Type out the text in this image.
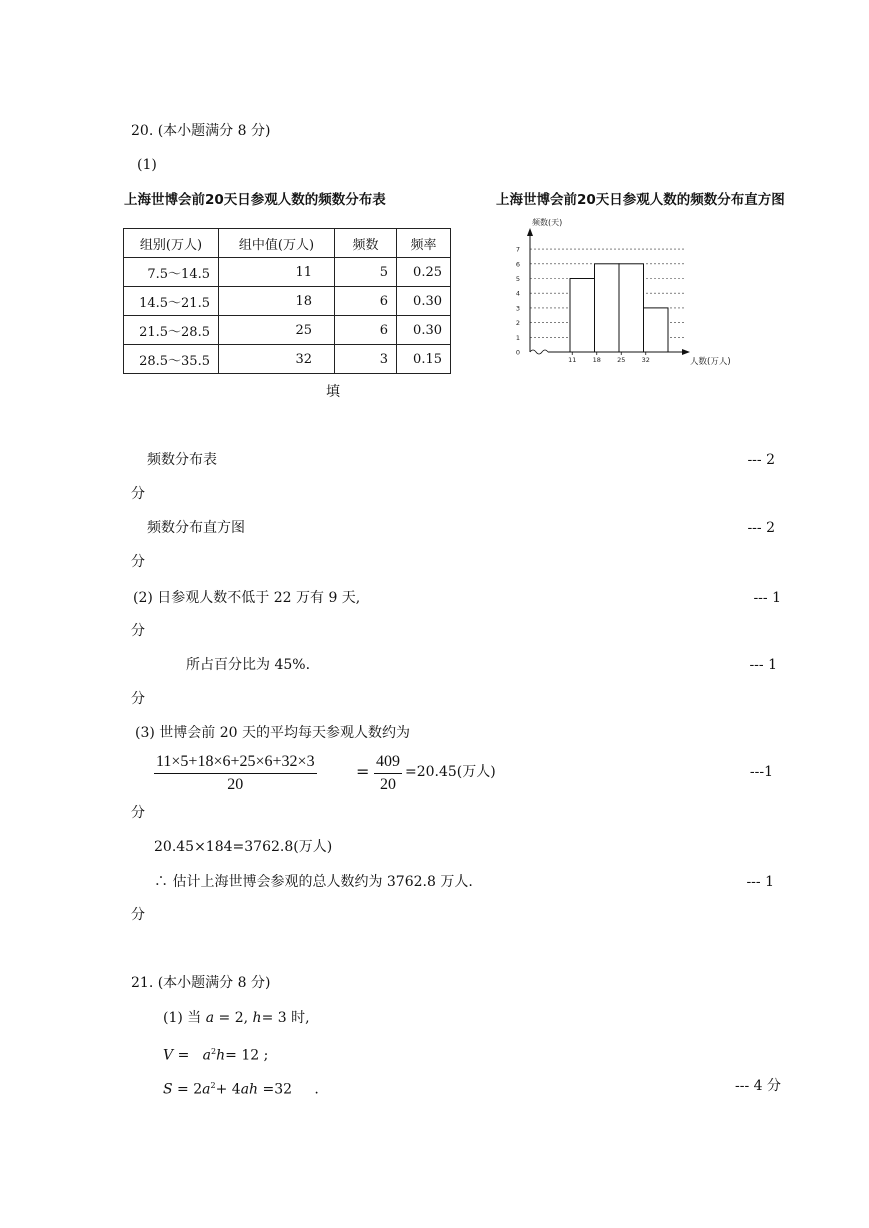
20. (本小题满分 8 分)
(1)
上海世博会前20天日参观人数的频数分布表	上海世博会前20天日参观人数的频数分布直方图
组别(万人)	组中值(万人)	频数	频率
7.5～14.5	11	5	0.25
14.5～21.5	18	6	0.30
21.5～28.5	25	6	0.30
28.5～35.5	32	3	0.15	0
1
2
3
4
5
6
7
11 18 25 32
频数(天)
人数(万人)
填
频数分布表	--- 2
分
频数分布直方图	--- 2
分
(2) 日参观人数不低于 22 万有 9 天,	--- 1
分
所占百分比为 45%.	--- 1
分
(3) 世博会前 20 天的平均每天参观人数约为
$\frac{11\times 5+18\times 6+25\times 6+32\times 3}{20} = \frac{409}{20} =20.45$(万人)	---1
分
20.45×184=3762.8(万人)
∴ 估计上海世博会参观的总人数约为 3762.8 万人.	--- 1
分
21. (本小题满分 8 分)
(1) 当 a = 2, h= 3 时,
$V = a^2h= 12$ ;
$S = 2a^2+ 4ah =32$ .	--- 4 分
